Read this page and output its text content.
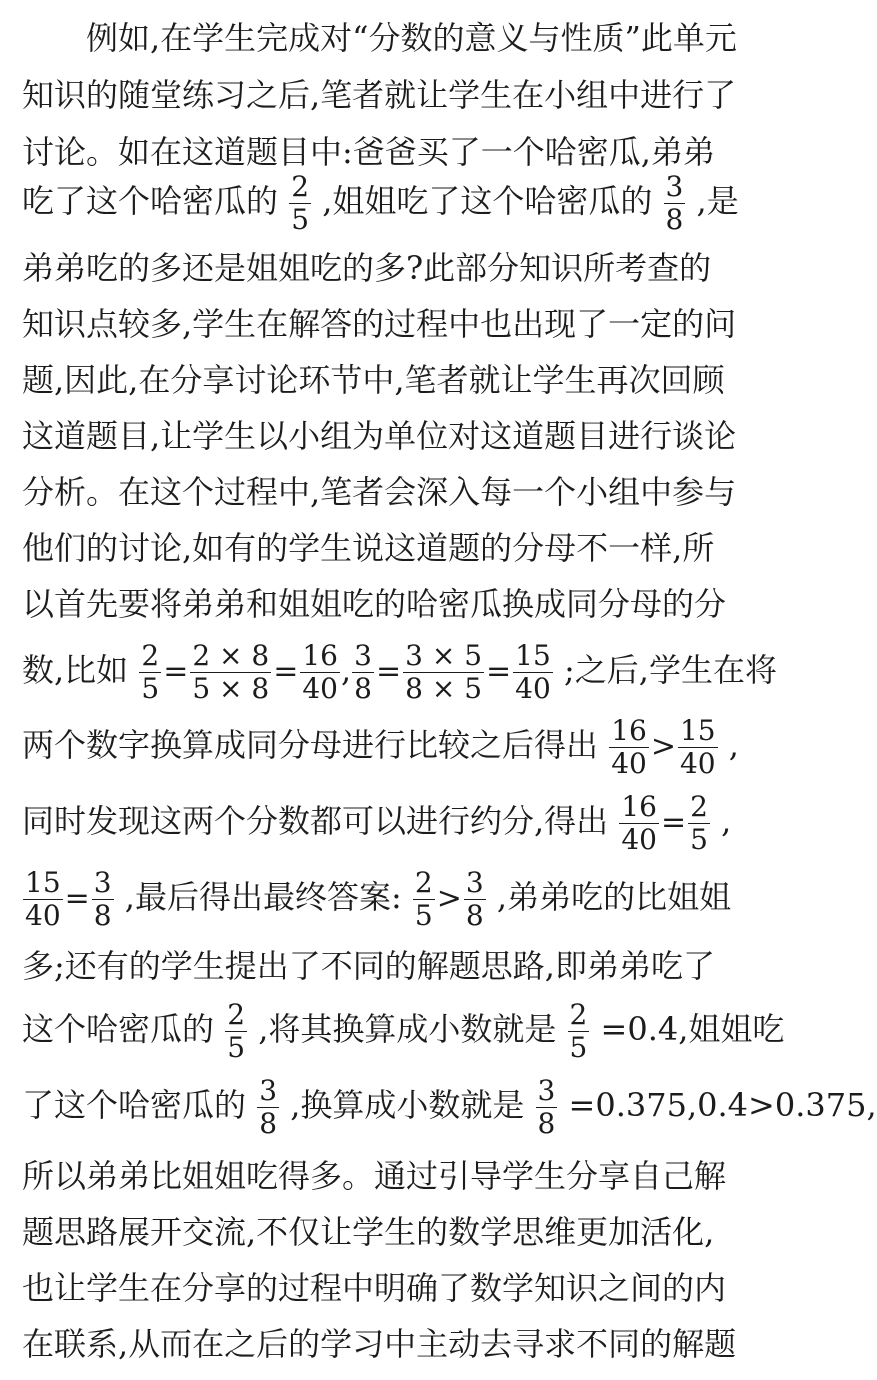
例如,在学生完成对“分数的意义与性质”此单元
知识的随堂练习之后,笔者就让学生在小组中进行了
讨论。如在这道题目中:爸爸买了一个哈密瓜,弟弟
吃了这个哈密瓜的 $\frac{2}{5}$ ,姐姐吃了这个哈密瓜的 $\frac{3}{8}$ ,是
弟弟吃的多还是姐姐吃的多?此部分知识所考查的
知识点较多,学生在解答的过程中也出现了一定的问
题,因此,在分享讨论环节中,笔者就让学生再次回顾
这道题目,让学生以小组为单位对这道题目进行谈论
分析。在这个过程中,笔者会深入每一个小组中参与
他们的讨论,如有的学生说这道题的分母不一样,所
以首先要将弟弟和姐姐吃的哈密瓜换成同分母的分
数,比如 $\frac{2}{5} = \frac{2 \times 8}{5 \times 8} = \frac{16}{40}$ , $\frac{3}{8} = \frac{3 \times 5}{8 \times 5} = \frac{15}{40}$ ;之后,学生在将
两个数字换算成同分母进行比较之后得出 $\frac{16}{40} > \frac{15}{40}$ ,
同时发现这两个分数都可以进行约分,得出 $\frac{16}{40} = \frac{2}{5}$ ,
$\frac{15}{40} = \frac{3}{8}$ ,最后得出最终答案: $\frac{2}{5} > \frac{3}{8}$ ,弟弟吃的比姐姐
多;还有的学生提出了不同的解题思路,即弟弟吃了
这个哈密瓜的 $\frac{2}{5}$ ,将其换算成小数就是 $\frac{2}{5} =0.4$,姐姐吃
了这个哈密瓜的 $\frac{3}{8}$ ,换算成小数就是 $\frac{3}{8} =0.375,0.4>0.375$,
所以弟弟比姐姐吃得多。通过引导学生分享自己解
题思路展开交流,不仅让学生的数学思维更加活化,
也让学生在分享的过程中明确了数学知识之间的内
在联系,从而在之后的学习中主动去寻求不同的解题
